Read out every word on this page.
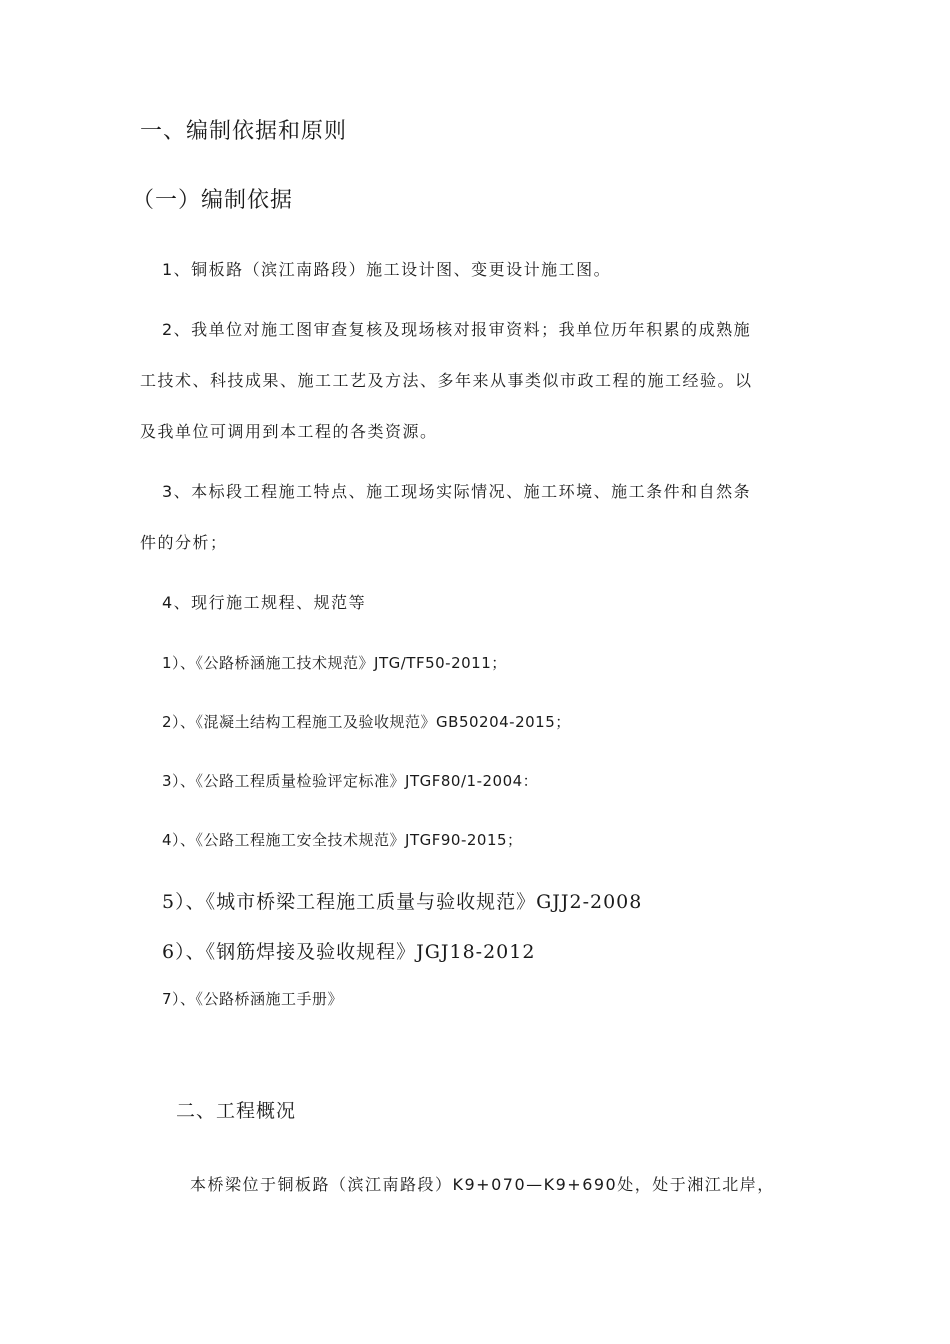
一、编制依据和原则
（一）编制依据
1、铜板路（滨江南路段）施工设计图、变更设计施工图。
2、我单位对施工图审查复核及现场核对报审资料；我单位历年积累的成熟施
工技术、科技成果、施工工艺及方法、多年来从事类似市政工程的施工经验。以
及我单位可调用到本工程的各类资源。
3、本标段工程施工特点、施工现场实际情况、施工环境、施工条件和自然条
件的分析；
4、现行施工规程、规范等
1）、《公路桥涵施工技术规范》JTG/TF50-2011；
2）、《混凝土结构工程施工及验收规范》GB50204-2015；
3）、《公路工程质量检验评定标准》JTGF80/1-2004：
4）、《公路工程施工安全技术规范》JTGF90-2015；
5）、《城市桥梁工程施工质量与验收规范》GJJ2-2008
6）、《钢筋焊接及验收规程》JGJ18-2012
7）、《公路桥涵施工手册》
二、工程概况
本桥梁位于铜板路（滨江南路段）K9+070—K9+690处，处于湘江北岸，
